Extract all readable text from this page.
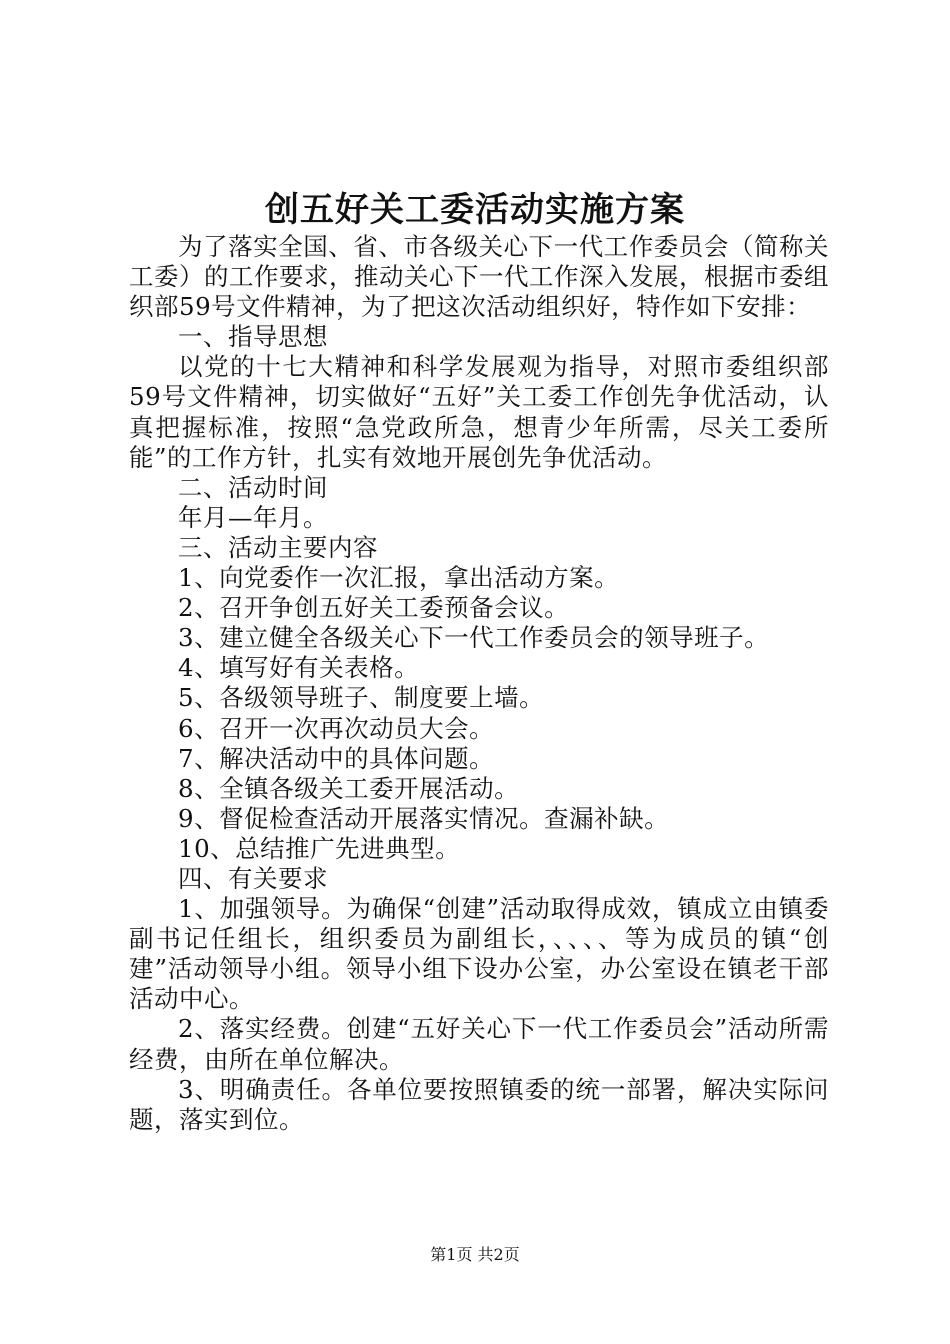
创五好关工委活动实施方案

为了落实全国、省、市各级关心下一代工作委员会（简称关工委）的工作要求，推动关心下一代工作深入发展，根据市委组织部59号文件精神，为了把这次活动组织好，特作如下安排：

一、指导思想

以党的十七大精神和科学发展观为指导，对照市委组织部59号文件精神，切实做好“五好”关工委工作创先争优活动，认真把握标准，按照“急党政所急，想青少年所需，尽关工委所能”的工作方针，扎实有效地开展创先争优活动。

二、活动时间

年月—年月。

三、活动主要内容

1、向党委作一次汇报，拿出活动方案。

2、召开争创五好关工委预备会议。

3、建立健全各级关心下一代工作委员会的领导班子。

4、填写好有关表格。

5、各级领导班子、制度要上墙。

6、召开一次再次动员大会。

7、解决活动中的具体问题。

8、全镇各级关工委开展活动。

9、督促检查活动开展落实情况。查漏补缺。

10、总结推广先进典型。

四、有关要求

1、加强领导。为确保“创建”活动取得成效，镇成立由镇委副书记任组长，组织委员为副组长，、、、、等为成员的镇“创建”活动领导小组。领导小组下设办公室，办公室设在镇老干部活动中心。

2、落实经费。创建“五好关心下一代工作委员会”活动所需经费，由所在单位解决。

3、明确责任。各单位要按照镇委的统一部署，解决实际问题，落实到位。

第1页 共2页
